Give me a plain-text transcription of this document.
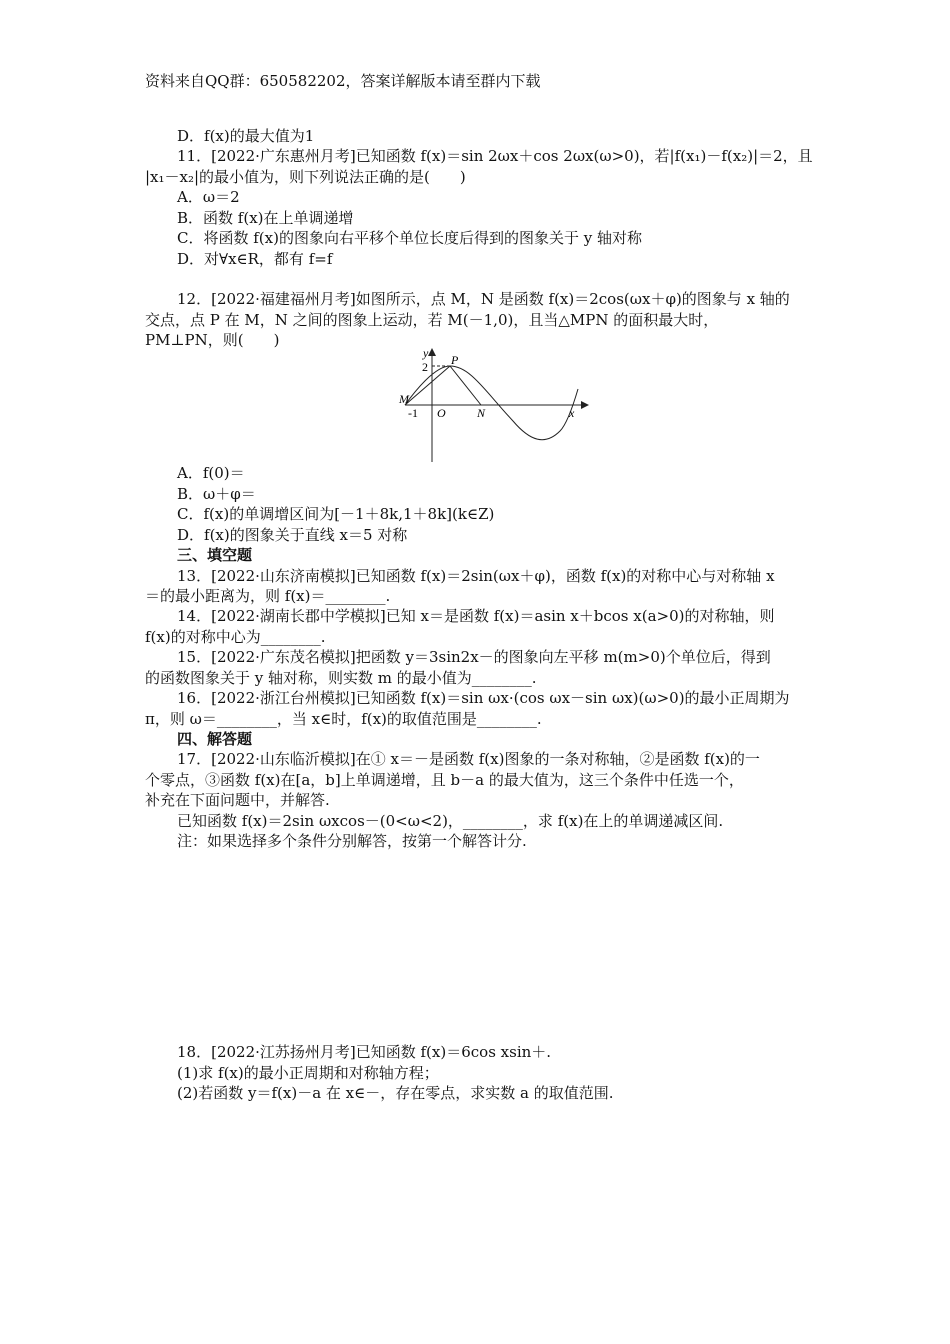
资料来自QQ群：650582202，答案详解版本请至群内下载
D．f(x)的最大值为1
11．[2022·广东惠州月考]已知函数 f(x)＝sin 2ωx＋cos 2ωx(ω>0)，若|f(x₁)－f(x₂)|＝2，且
|x₁－x₂|的最小值为，则下列说法正确的是(　　)
A．ω＝2
B．函数 f(x)在上单调递增
C．将函数 f(x)的图象向右平移个单位长度后得到的图象关于 y 轴对称
D．对∀x∈R，都有 f=f
12．[2022·福建福州月考]如图所示，点 M，N 是函数 f(x)＝2cos(ωx＋φ)的图象与 x 轴的
交点，点 P 在 M，N 之间的图象上运动，若 M(－1,0)，且当△MPN 的面积最大时，
PM⊥PN，则(　　)
y
2 P
M
-1 O	N	x
A．f(0)＝
B．ω＋φ＝
C．f(x)的单调增区间为[－1＋8k,1＋8k](k∈Z)
D．f(x)的图象关于直线 x＝5 对称
三、填空题
13．[2022·山东济南模拟]已知函数 f(x)＝2sin(ωx＋φ)，函数 f(x)的对称中心与对称轴 x
＝的最小距离为，则 f(x)＝________.
14．[2022·湖南长郡中学模拟]已知 x＝是函数 f(x)＝asin x＋bcos x(a>0)的对称轴，则
f(x)的对称中心为________.
15．[2022·广东茂名模拟]把函数 y＝3sin2x－的图象向左平移 m(m>0)个单位后，得到
的函数图象关于 y 轴对称，则实数 m 的最小值为________.
16．[2022·浙江台州模拟]已知函数 f(x)＝sin ωx·(cos ωx－sin ωx)(ω>0)的最小正周期为
π，则 ω＝________，当 x∈时，f(x)的取值范围是________.
四、解答题
17．[2022·山东临沂模拟]在① x＝－是函数 f(x)图象的一条对称轴，②是函数 f(x)的一
个零点，③函数 f(x)在[a，b]上单调递增，且 b－a 的最大值为，这三个条件中任选一个，
补充在下面问题中，并解答.
已知函数 f(x)＝2sin ωxcos－(0<ω<2)，________，求 f(x)在上的单调递减区间.
注：如果选择多个条件分别解答，按第一个解答计分.
18．[2022·江苏扬州月考]已知函数 f(x)＝6cos xsin＋.
(1)求 f(x)的最小正周期和对称轴方程；
(2)若函数 y＝f(x)－a 在 x∈－，存在零点，求实数 a 的取值范围.
